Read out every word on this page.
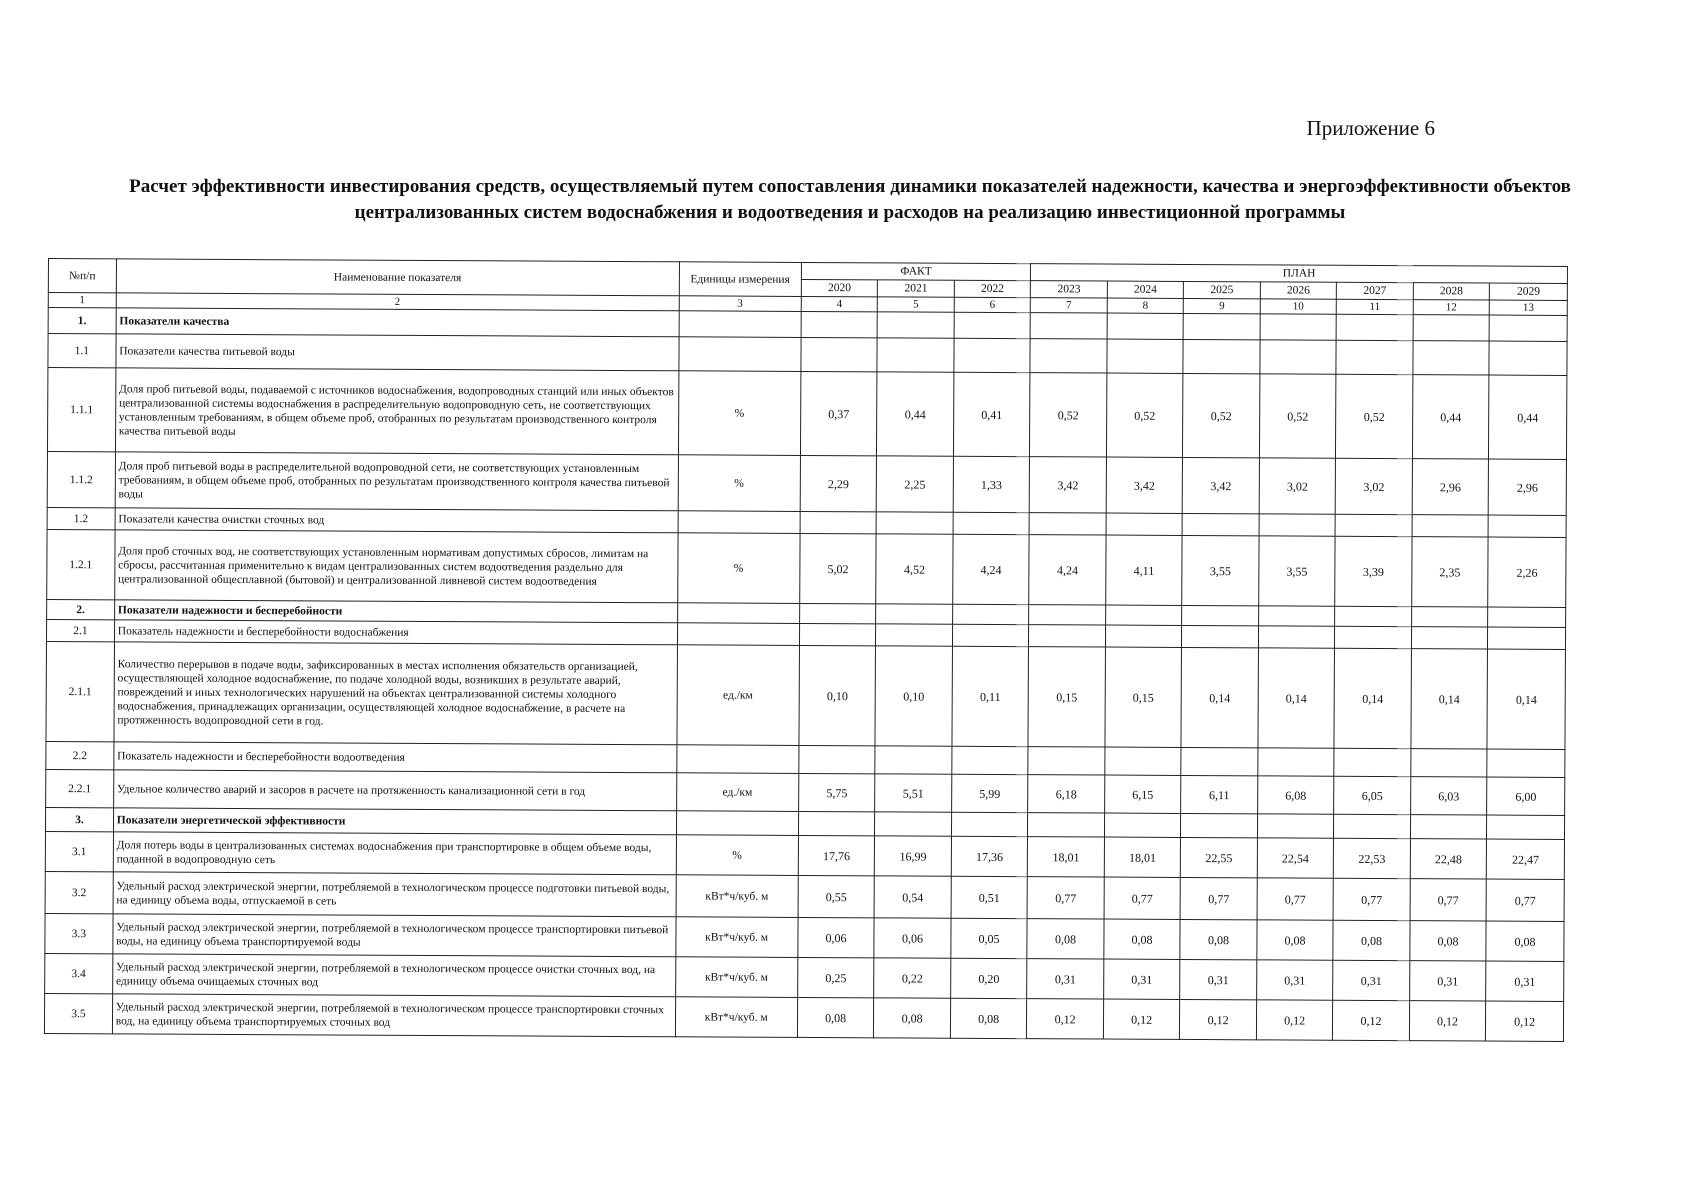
Приложение 6
Расчет эффективности инвестирования средств, осуществляемый путем сопоставления динамики показателей надежности, качества и энергоэффективности объектов
централизованных систем водоснабжения и водоотведения и расходов на реализацию инвестиционной программы
№п/п	Наименование показателя	Единицы измерения	ФАКТ			ПЛАН						
			2020	2021	2022	2023	2024	2025	2026	2027	2028	2029
1	2	3	4	5	6	7	8	9	10	11	12	13
1.	Показатели качества											
1.1	Показатели качества питьевой воды											
1.1.1	Доля проб питьевой воды, подаваемой с источников водоснабжения, водопроводных станций или иных объектов централизованной системы водоснабжения в распределительную водопроводную сеть, не соответствующих установленным требованиям, в общем объеме проб, отобранных по результатам производственного контроля качества питьевой воды	%	0,37	0,44	0,41	0,52	0,52	0,52	0,52	0,52	0,44	0,44
1.1.2	Доля проб питьевой воды в распределительной водопроводной сети, не соответствующих установленным требованиям, в общем объеме проб, отобранных по результатам производственного контроля качества питьевой воды	%	2,29	2,25	1,33	3,42	3,42	3,42	3,02	3,02	2,96	2,96
1.2	Показатели качества очистки сточных вод											
1.2.1	Доля проб сточных вод, не соответствующих установленным нормативам допустимых сбросов, лимитам на сбросы, рассчитанная применительно к видам централизованных систем водоотведения раздельно для централизованной общесплавной (бытовой) и централизованной ливневой систем водоотведения	%	5,02	4,52	4,24	4,24	4,11	3,55	3,55	3,39	2,35	2,26
2.	Показатели надежности и бесперебойности											
2.1	Показатель надежности и бесперебойности водоснабжения											
2.1.1	Количество перерывов в подаче воды, зафиксированных в местах исполнения обязательств организацией, осуществляющей холодное водоснабжение, по подаче холодной воды, возникших в результате аварий, повреждений и иных технологических нарушений на объектах централизованной системы холодного водоснабжения, принадлежащих организации, осуществляющей холодное водоснабжение, в расчете на протяженность водопроводной сети в год.	ед./км	0,10	0,10	0,11	0,15	0,15	0,14	0,14	0,14	0,14	0,14
2.2	Показатель надежности и бесперебойности водоотведения											
2.2.1	Удельное количество аварий и засоров в расчете на протяженность канализационной сети в год	ед./км	5,75	5,51	5,99	6,18	6,15	6,11	6,08	6,05	6,03	6,00
3.	Показатели энергетической эффективности											
3.1	Доля потерь воды в централизованных системах водоснабжения при транспортировке в общем объеме воды, поданной в водопроводную сеть	%	17,76	16,99	17,36	18,01	18,01	22,55	22,54	22,53	22,48	22,47
3.2	Удельный расход электрической энергии, потребляемой в технологическом процессе подготовки питьевой воды, на единицу объема воды, отпускаемой в сеть	кВт*ч/куб. м	0,55	0,54	0,51	0,77	0,77	0,77	0,77	0,77	0,77	0,77
3.3	Удельный расход электрической энергии, потребляемой в технологическом процессе транспортировки питьевой воды, на единицу объема транспортируемой воды	кВт*ч/куб. м	0,06	0,06	0,05	0,08	0,08	0,08	0,08	0,08	0,08	0,08
3.4	Удельный расход электрической энергии, потребляемой в технологическом процессе очистки сточных вод, на единицу объема очищаемых сточных вод	кВт*ч/куб. м	0,25	0,22	0,20	0,31	0,31	0,31	0,31	0,31	0,31	0,31
3.5	Удельный расход электрической энергии, потребляемой в технологическом процессе транспортировки сточных вод, на единицу объема транспортируемых сточных вод	кВт*ч/куб. м	0,08	0,08	0,08	0,12	0,12	0,12	0,12	0,12	0,12	0,12
